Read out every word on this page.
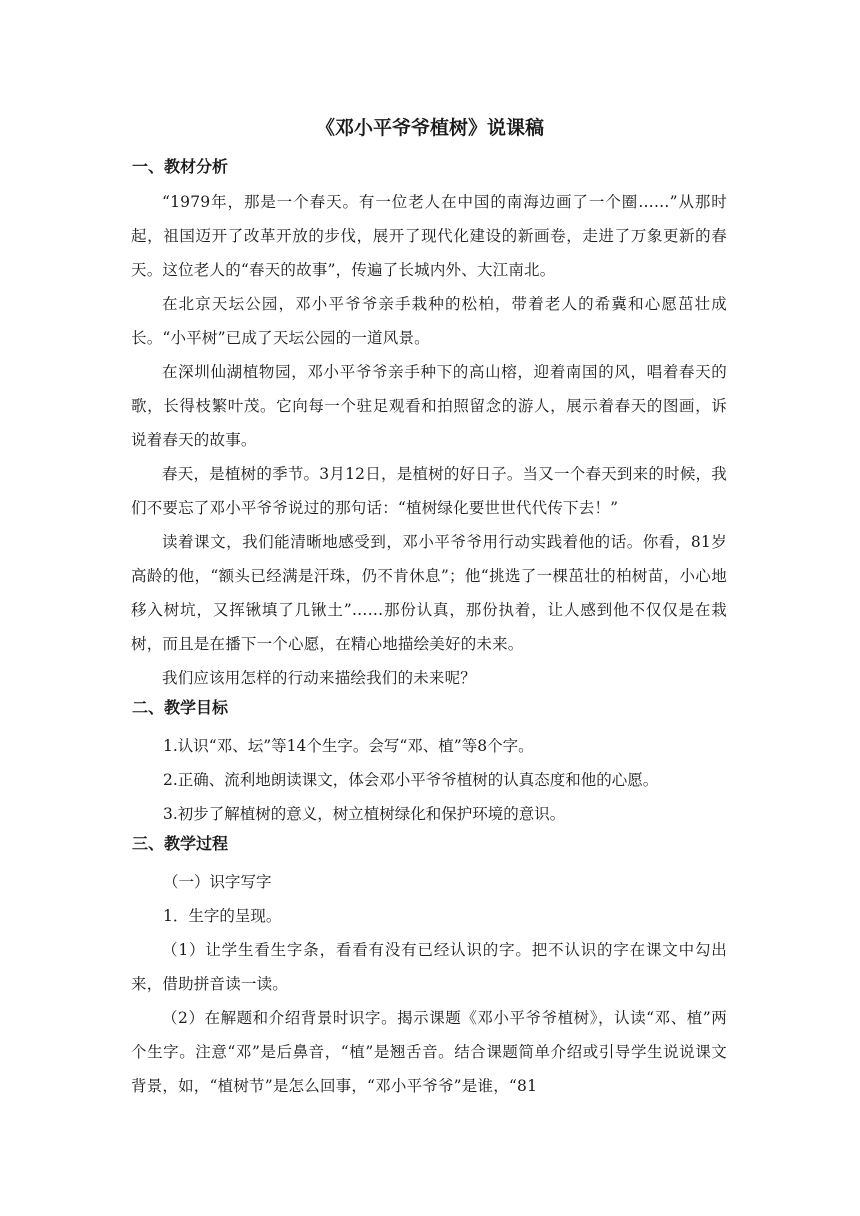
《邓小平爷爷植树》说课稿
一、教材分析
“1979年，那是一个春天。有一位老人在中国的南海边画了一个圈……”从那时起，祖国迈开了改革开放的步伐，展开了现代化建设的新画卷，走进了万象更新的春天。这位老人的“春天的故事”，传遍了长城内外、大江南北。
在北京天坛公园，邓小平爷爷亲手栽种的松柏，带着老人的希冀和心愿茁壮成长。“小平树”已成了天坛公园的一道风景。
在深圳仙湖植物园，邓小平爷爷亲手种下的高山榕，迎着南国的风，唱着春天的歌，长得枝繁叶茂。它向每一个驻足观看和拍照留念的游人，展示着春天的图画，诉说着春天的故事。
春天，是植树的季节。3月12日，是植树的好日子。当又一个春天到来的时候，我们不要忘了邓小平爷爷说过的那句话：“植树绿化要世世代代传下去！”
读着课文，我们能清晰地感受到，邓小平爷爷用行动实践着他的话。你看，81岁高龄的他，“额头已经满是汗珠，仍不肯休息”；他“挑选了一棵茁壮的柏树苗，小心地移入树坑，又挥锹填了几锹土”……那份认真，那份执着，让人感到他不仅仅是在栽树，而且是在播下一个心愿，在精心地描绘美好的未来。
我们应该用怎样的行动来描绘我们的未来呢？
二、教学目标
1.认识“邓、坛”等14个生字。会写“邓、植”等8个字。
2.正确、流利地朗读课文，体会邓小平爷爷植树的认真态度和他的心愿。
3.初步了解植树的意义，树立植树绿化和保护环境的意识。
三、教学过程
（一）识字写字
1．生字的呈现。
（1）让学生看生字条，看看有没有已经认识的字。把不认识的字在课文中勾出来，借助拼音读一读。
（2）在解题和介绍背景时识字。揭示课题《邓小平爷爷植树》，认读“邓、植”两个生字。注意“邓”是后鼻音，“植”是翘舌音。结合课题简单介绍或引导学生说说课文背景，如，“植树节”是怎么回事，“邓小平爷爷”是谁，“81
